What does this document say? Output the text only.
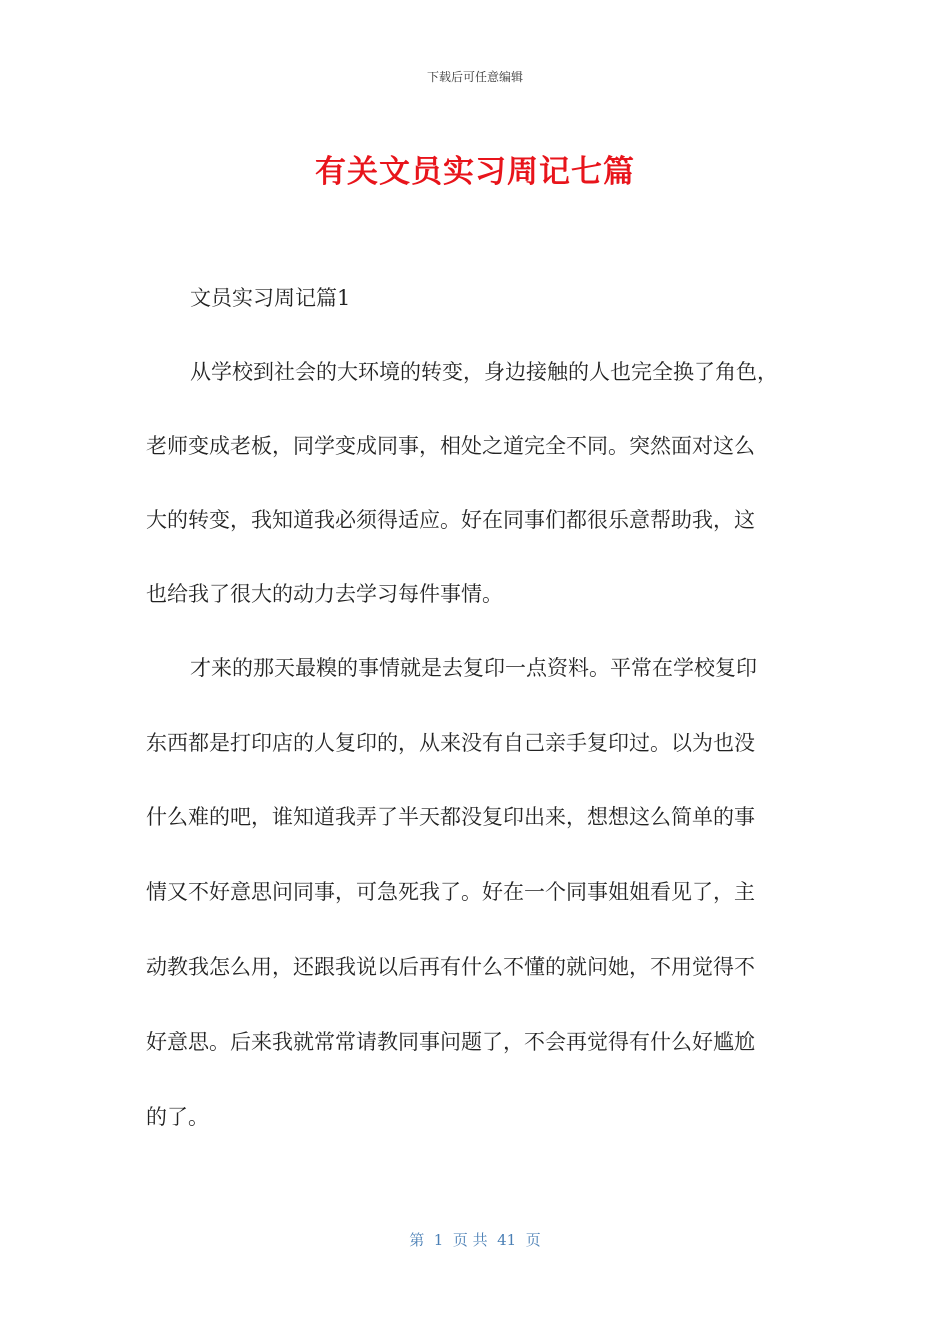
下载后可任意编辑
有关文员实习周记七篇
文员实习周记篇1
从学校到社会的大环境的转变，身边接触的人也完全换了角色，
老师变成老板，同学变成同事，相处之道完全不同。突然面对这么
大的转变，我知道我必须得适应。好在同事们都很乐意帮助我，这
也给我了很大的动力去学习每件事情。
才来的那天最糗的事情就是去复印一点资料。平常在学校复印
东西都是打印店的人复印的，从来没有自己亲手复印过。以为也没
什么难的吧，谁知道我弄了半天都没复印出来，想想这么简单的事
情又不好意思问同事，可急死我了。好在一个同事姐姐看见了，主
动教我怎么用，还跟我说以后再有什么不懂的就问她，不用觉得不
好意思。后来我就常常请教同事问题了，不会再觉得有什么好尴尬
的了。
第  1  页 共  41  页
